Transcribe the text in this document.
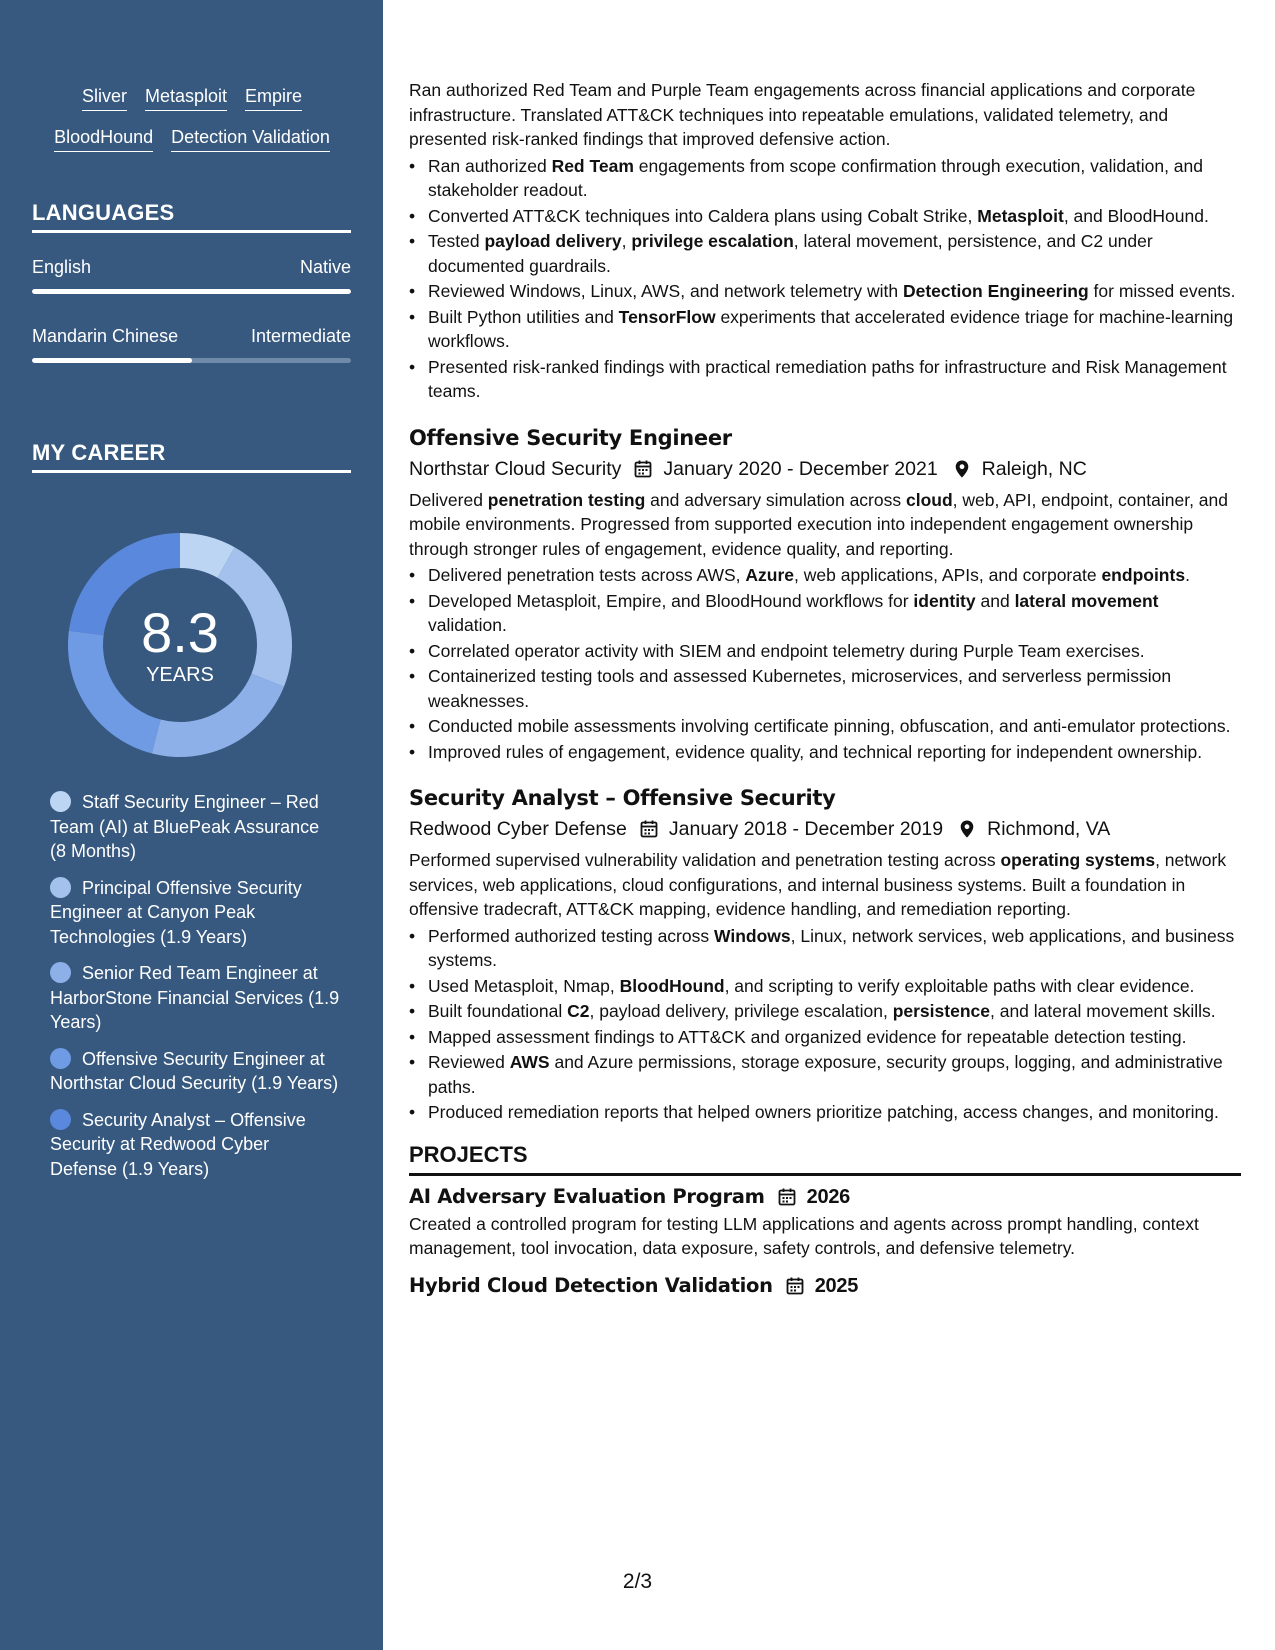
Sliver Metasploit Empire
BloodHound Detection Validation
LANGUAGES
English	Native
Mandarin Chinese	Intermediate
MY CAREER
8.3
YEARS
Staff Security Engineer – Red Team (AI) at BluePeak Assurance (8 Months)
Principal Offensive Security Engineer at Canyon Peak Technologies (1.9 Years)
Senior Red Team Engineer at HarborStone Financial Services (1.9 Years)
Offensive Security Engineer at Northstar Cloud Security (1.9 Years)
Security Analyst – Offensive Security at Redwood Cyber Defense (1.9 Years)

Ran authorized Red Team and Purple Team engagements across financial applications and corporate infrastructure. Translated ATT&CK techniques into repeatable emulations, validated telemetry, and presented risk-ranked findings that improved defensive action.

• Ran authorized Red Team engagements from scope confirmation through execution, validation, and stakeholder readout.
• Converted ATT&CK techniques into Caldera plans using Cobalt Strike, Metasploit, and BloodHound.
• Tested payload delivery, privilege escalation, lateral movement, persistence, and C2 under documented guardrails.
• Reviewed Windows, Linux, AWS, and network telemetry with Detection Engineering for missed events.
• Built Python utilities and TensorFlow experiments that accelerated evidence triage for machine-learning workflows.
• Presented risk-ranked findings with practical remediation paths for infrastructure and Risk Management teams.
Offensive Security Engineer
Northstar Cloud Security January 2020 - December 2021 Raleigh, NC

Delivered penetration testing and adversary simulation across cloud, web, API, endpoint, container, and mobile environments. Progressed from supported execution into independent engagement ownership through stronger rules of engagement, evidence quality, and reporting.

• Delivered penetration tests across AWS, Azure, web applications, APIs, and corporate endpoints.
• Developed Metasploit, Empire, and BloodHound workflows for identity and lateral movement validation.
• Correlated operator activity with SIEM and endpoint telemetry during Purple Team exercises.
• Containerized testing tools and assessed Kubernetes, microservices, and serverless permission weaknesses.
• Conducted mobile assessments involving certificate pinning, obfuscation, and anti-emulator protections.
• Improved rules of engagement, evidence quality, and technical reporting for independent ownership.
Security Analyst – Offensive Security
Redwood Cyber Defense January 2018 - December 2019 Richmond, VA

Performed supervised vulnerability validation and penetration testing across operating systems, network services, web applications, cloud configurations, and internal business systems. Built a foundation in offensive tradecraft, ATT&CK mapping, evidence handling, and remediation reporting.

• Performed authorized testing across Windows, Linux, network services, web applications, and business systems.
• Used Metasploit, Nmap, BloodHound, and scripting to verify exploitable paths with clear evidence.
• Built foundational C2, payload delivery, privilege escalation, persistence, and lateral movement skills.
• Mapped assessment findings to ATT&CK and organized evidence for repeatable detection testing.
• Reviewed AWS and Azure permissions, storage exposure, security groups, logging, and administrative paths.
• Produced remediation reports that helped owners prioritize patching, access changes, and monitoring.
PROJECTS
AI Adversary Evaluation Program 2026

Created a controlled program for testing LLM applications and agents across prompt handling, context management, tool invocation, data exposure, safety controls, and defensive telemetry.

Hybrid Cloud Detection Validation 2025
2/3
